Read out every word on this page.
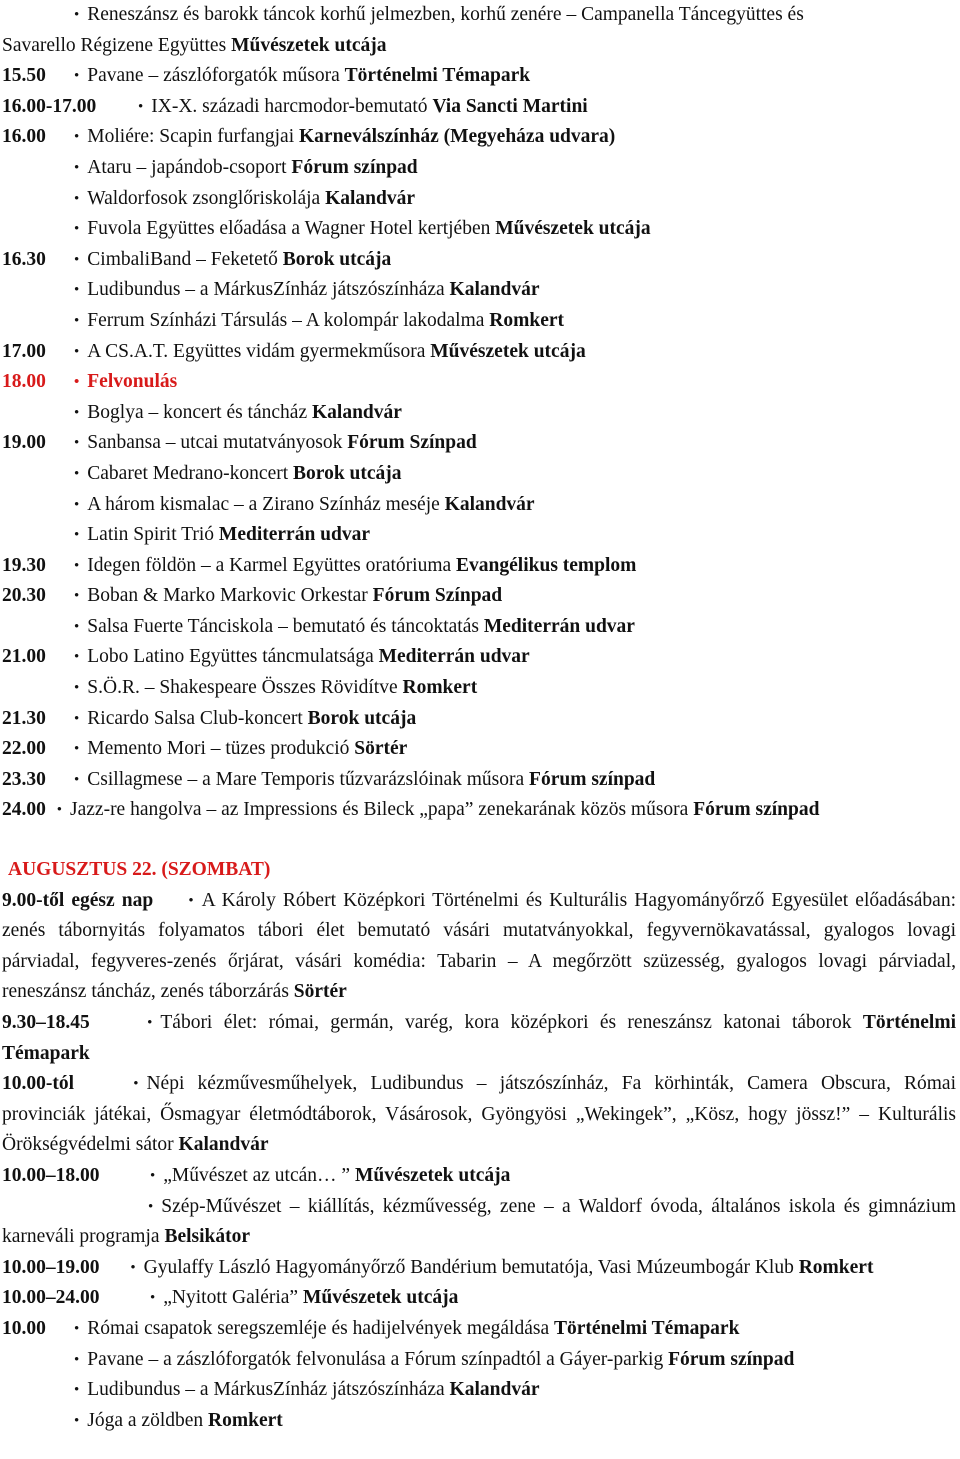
• Reneszánsz és barokk táncok korhű jelmezben, korhű zenére – Campanella Táncegyüttes és
Savarello Régizene Együttes Művészetek utcája
15.50	• Pavane – zászlóforgatók műsora Történelmi Témapark
16.00-17.00	• IX-X. századi harcmodor-bemutató Via Sancti Martini
16.00	• Moliére: Scapin furfangjai Karneválszínház (Megyeháza udvara)
• Ataru – japándob-csoport Fórum színpad
• Waldorfosok zsonglőriskolája Kalandvár
• Fuvola Együttes előadása a Wagner Hotel kertjében Művészetek utcája
16.30	• CimbaliBand – Feketető Borok utcája
• Ludibundus – a MárkusZínház játszószínháza Kalandvár
• Ferrum Színházi Társulás – A kolompár lakodalma Romkert
17.00	• A CS.A.T. Együttes vidám gyermekműsora Művészetek utcája
18.00	• Felvonulás
• Boglya – koncert és táncház Kalandvár
19.00	• Sanbansa – utcai mutatványosok Fórum Színpad
• Cabaret Medrano-koncert Borok utcája
• A három kismalac – a Zirano Színház meséje Kalandvár
• Latin Spirit Trió Mediterrán udvar
19.30	• Idegen földön – a Karmel Együttes oratóriuma Evangélikus templom
20.30	• Boban & Marko Markovic Orkestar Fórum Színpad
• Salsa Fuerte Tánciskola – bemutató és táncoktatás Mediterrán udvar
21.00	• Lobo Latino Együttes táncmulatsága Mediterrán udvar
• S.Ö.R. – Shakespeare Összes Rövidítve Romkert
21.30	• Ricardo Salsa Club-koncert Borok utcája
22.00	• Memento Mori – tüzes produkció Sörtér
23.30	• Csillagmese – a Mare Temporis tűzvarázslóinak műsora Fórum színpad
24.00 • Jazz-re hangolva – az Impressions és Bileck „papa” zenekarának közös műsora Fórum színpad
AUGUSZTUS 22. (SZOMBAT)
9.00-től egész nap • A Károly Róbert Középkori Történelmi és Kulturális Hagyományőrző Egyesület előadásában: zenés tábornyitás folyamatos tábori élet bemutató vásári mutatványokkal, fegyvernökavatással, gyalogos lovagi párviadal, fegyveres-zenés őrjárat, vásári komédia: Tabarin – A megőrzött szüzesség, gyalogos lovagi párviadal, reneszánsz táncház, zenés táborzárás Sörtér
9.30–18.45 •	Tábori élet: római, germán, varég, kora középkori és reneszánsz katonai táborok Történelmi Témapark
10.00-tól •	Népi kézművesműhelyek, Ludibundus – játszószínház, Fa körhinták, Camera Obscura, Római provinciák játékai, Ősmagyar életmódtáborok, Vásárosok, Gyöngyösi „Wekingek”, „Kösz, hogy jössz!” – Kulturális Örökségvédelmi sátor Kalandvár
10.00–18.00	• „Művészet az utcán… ” Művészetek utcája
• Szép-Művészet – kiállítás, kézművesség, zene – a Waldorf óvoda, általános iskola és gimnázium karneváli programja Belsikátor
10.00–19.00 • Gyulaffy László Hagyományőrző Bandérium bemutatója, Vasi Múzeumbogár Klub Romkert
10.00–24.00	• „Nyitott Galéria” Művészetek utcája
10.00	• Római csapatok seregszemléje és hadijelvények megáldása Történelmi Témapark
• Pavane – a zászlóforgatók felvonulása a Fórum színpadtól a Gáyer-parkig Fórum színpad
• Ludibundus – a MárkusZínház játszószínháza Kalandvár
• Jóga a zöldben Romkert
